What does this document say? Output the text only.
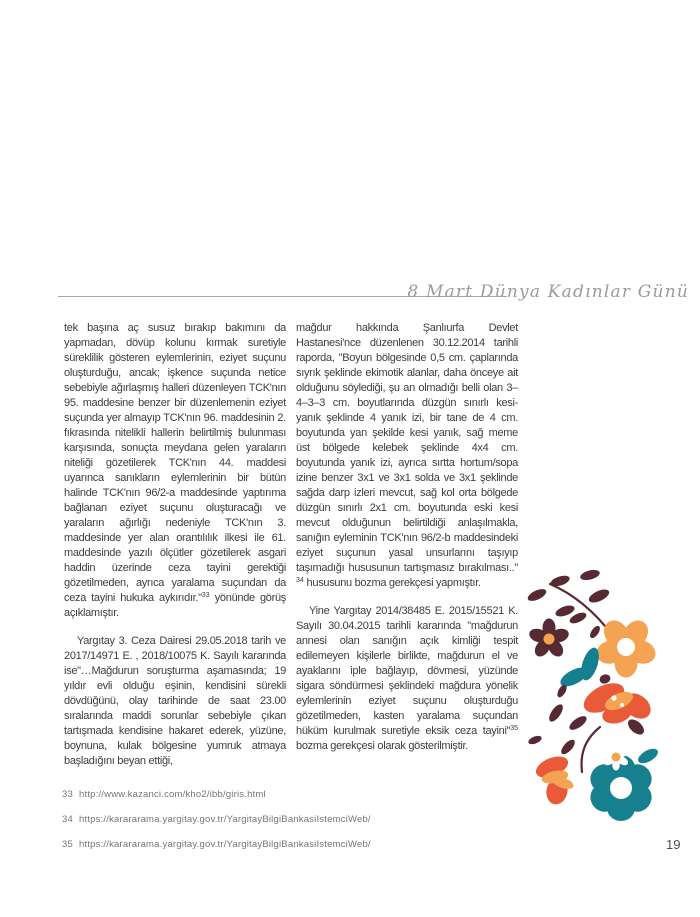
8 Mart Dünya Kadınlar Günü

tek başına aç susuz bırakıp bakımını da yapmadan, dövüp kolunu kırmak suretiyle süreklilik gösteren eylemlerinin, eziyet suçunu oluşturduğu, ancak; işkence suçunda netice sebebiyle ağırlaşmış halleri düzenleyen TCK'nın 95. maddesine benzer bir düzenlemenin eziyet suçunda yer almayıp TCK'nın 96. maddesinin 2. fıkrasında nitelikli hallerin belirtilmiş bulunması karşısında, sonuçta meydana gelen yaraların niteliği gözetilerek TCK'nın 44. maddesi uyarınca sanıkların eylemlerinin bir bütün halinde TCK'nın 96/2-a maddesinde yaptırıma bağlanan eziyet suçunu oluşturacağı ve yaraların ağırlığı nedeniyle TCK'nın 3. maddesinde yer alan orantılılık ilkesi ile 61. maddesinde yazılı ölçütler gözetilerek asgari haddin üzerinde ceza tayini gerektiği gözetilmeden, ayrıca yaralama suçundan da ceza tayini hukuka aykırıdır."$^{33}$ yönünde görüş açıklamıştır.

Yargıtay 3. Ceza Dairesi 29.05.2018 tarih ve 2017/14971 E. , 2018/10075 K. Sayılı kararında ise"…Mağdurun soruşturma aşamasında; 19 yıldır evli olduğu eşinin, kendisini sürekli dövdüğünü, olay tarihinde de saat 23.00 sıralarında maddi sorunlar sebebiyle çıkan tartışmada kendisine hakaret ederek, yüzüne, boynuna, kulak bölgesine yumruk atmaya başladığını beyan ettiği,

mağdur hakkında Şanlıurfa Devlet Hastanesi'nce düzenlenen 30.12.2014 tarihli raporda, "Boyun bölgesinde 0,5 cm. çaplarında sıyrık şeklinde ekimotik alanlar, daha önceye ait olduğunu söylediği, şu an olmadığı belli olan 3–4–3–3 cm. boyutlarında düzgün sınırlı kesi-yanık şeklinde 4 yanık izi, bir tane de 4 cm. boyutunda yan şekilde kesi yanık, sağ meme üst bölgede kelebek şeklinde 4x4 cm. boyutunda yanık izi, ayrıca sırtta hortum/sopa izine benzer 3x1 ve 3x1 solda ve 3x1 şeklinde sağda darp izleri mevcut, sağ kol orta bölgede düzgün sınırlı 2x1 cm. boyutunda eski kesi mevcut olduğunun belirtildiği anlaşılmakla, sanığın eyleminin TCK'nın 96/2-b maddesindeki eziyet suçunun yasal unsurlarını taşıyıp taşımadığı hususunun tartışmasız bırakılması.." $^{34}$ hususunu bozma gerekçesi yapmıştır.

Yine Yargıtay 2014/38485 E. 2015/15521 K. Sayılı 30.04.2015 tarihli kararında "mağdurun annesi olan sanığın açık kimliği tespit edilemeyen kişilerle birlikte, mağdurun el ve ayaklarını iple bağlayıp, dövmesi, yüzünde sigara söndürmesi şeklindeki mağdura yönelik eylemlerinin eziyet suçunu oluşturduğu gözetilmeden, kasten yaralama suçundan hüküm kurulmak suretiyle eksik ceza tayini"$^{35}$ bozma gerekçesi olarak gösterilmiştir.

33 http://www.kazanci.com/kho2/ibb/giris.html
34 https://karararama.yargitay.gov.tr/YargitayBilgiBankasiIstemciWeb/
35 https://karararama.yargitay.gov.tr/YargitayBilgiBankasiIstemciWeb/	19
